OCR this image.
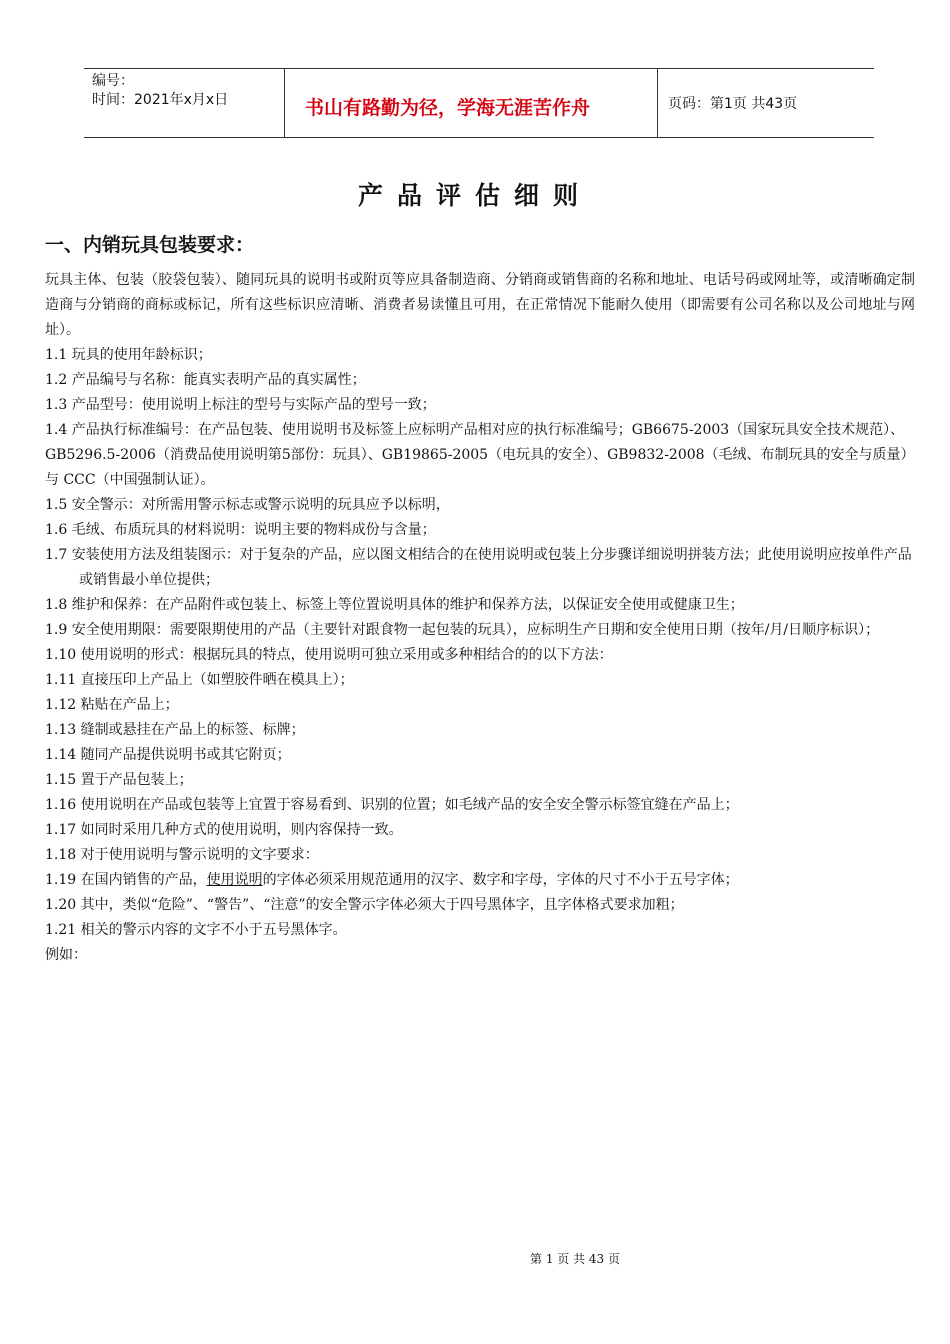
编号：
时间：2021年x月x日	书山有路勤为径，学海无涯苦作舟	页码：第1页 共43页
产品评估细则
一、内销玩具包装要求：

玩具主体、包装（胶袋包装）、随同玩具的说明书或附页等应具备制造商、分销商或销售商的名称和地址、电话号码或网址等，或清晰确定制造商与分销商的商标或标记，所有这些标识应清晰、消费者易读懂且可用，在正常情况下能耐久使用（即需要有公司名称以及公司地址与网址）。

1.1 玩具的使用年龄标识；

1.2 产品编号与名称：能真实表明产品的真实属性；

1.3 产品型号：使用说明上标注的型号与实际产品的型号一致；

1.4 产品执行标准编号：在产品包装、使用说明书及标签上应标明产品相对应的执行标准编号；GB6675-2003（国家玩具安全技术规范）、GB5296.5-2006（消费品使用说明第5部份：玩具）、GB19865-2005（电玩具的安全）、GB9832-2008（毛绒、布制玩具的安全与质量） 与 CCC（中国强制认证）。

1.5 安全警示：对所需用警示标志或警示说明的玩具应予以标明，

1.6 毛绒、布质玩具的材料说明：说明主要的物料成份与含量；

1.7 安装使用方法及组装图示：对于复杂的产品，应以图文相结合的在使用说明或包装上分步骤详细说明拼装方法；此使用说明应按单件产品或销售最小单位提供；

1.8 维护和保养：在产品附件或包装上、标签上等位置说明具体的维护和保养方法，以保证安全使用或健康卫生；

1.9 安全使用期限：需要限期使用的产品（主要针对跟食物一起包装的玩具），应标明生产日期和安全使用日期（按年/月/日顺序标识）；

1.10 使用说明的形式：根据玩具的特点，使用说明可独立采用或多种相结合的的以下方法：

1.11 直接压印上产品上（如塑胶件晒在模具上）；

1.12 粘贴在产品上；

1.13 缝制或悬挂在产品上的标签、标牌；

1.14 随同产品提供说明书或其它附页；

1.15 置于产品包装上；

1.16 使用说明在产品或包装等上宜置于容易看到、识别的位置；如毛绒产品的安全安全警示标签宜缝在产品上；

1.17 如同时采用几种方式的使用说明，则内容保持一致。

1.18 对于使用说明与警示说明的文字要求：

1.19 在国内销售的产品，使用说明的字体必须采用规范通用的汉字、数字和字母，字体的尺寸不小于五号字体；

1.20 其中，类似“危险”、“警告”、“注意”的安全警示字体必须大于四号黑体字，且字体格式要求加粗；

1.21 相关的警示内容的文字不小于五号黑体字。

例如：

第 1 页 共 43 页
